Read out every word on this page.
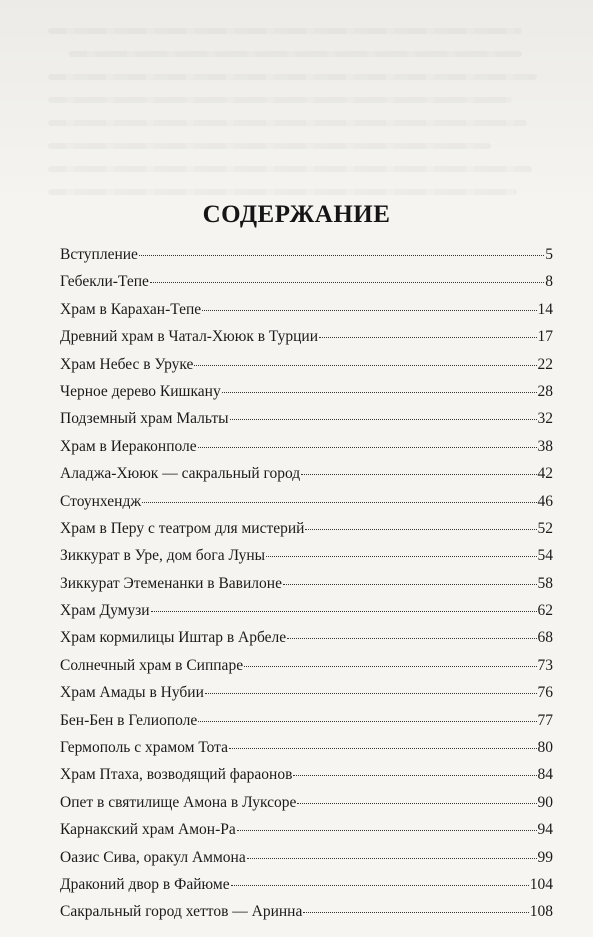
СОДЕРЖАНИЕ
Вступление	5
Гебекли-Тепе	8
Храм в Карахан-Тепе	14
Древний храм в Чатал-Хююк в Турции	17
Храм Небес в Уруке	22
Черное дерево Кишкану	28
Подземный храм Мальты	32
Храм в Иераконполе	38
Аладжа-Хююк — сакральный город	42
Стоунхендж	46
Храм в Перу с театром для мистерий	52
Зиккурат в Уре, дом бога Луны	54
Зиккурат Этеменанки в Вавилоне	58
Храм Думузи	62
Храм кормилицы Иштар в Арбеле	68
Солнечный храм в Сиппаре	73
Храм Амады в Нубии	76
Бен-Бен в Гелиополе	77
Гермополь с храмом Тота	80
Храм Птаха, возводящий фараонов	84
Опет в святилище Амона в Луксоре	90
Карнакский храм Амон-Ра	94
Оазис Сива, оракул Аммона	99
Драконий двор в Файюме	104
Сакральный город хеттов — Аринна	108
